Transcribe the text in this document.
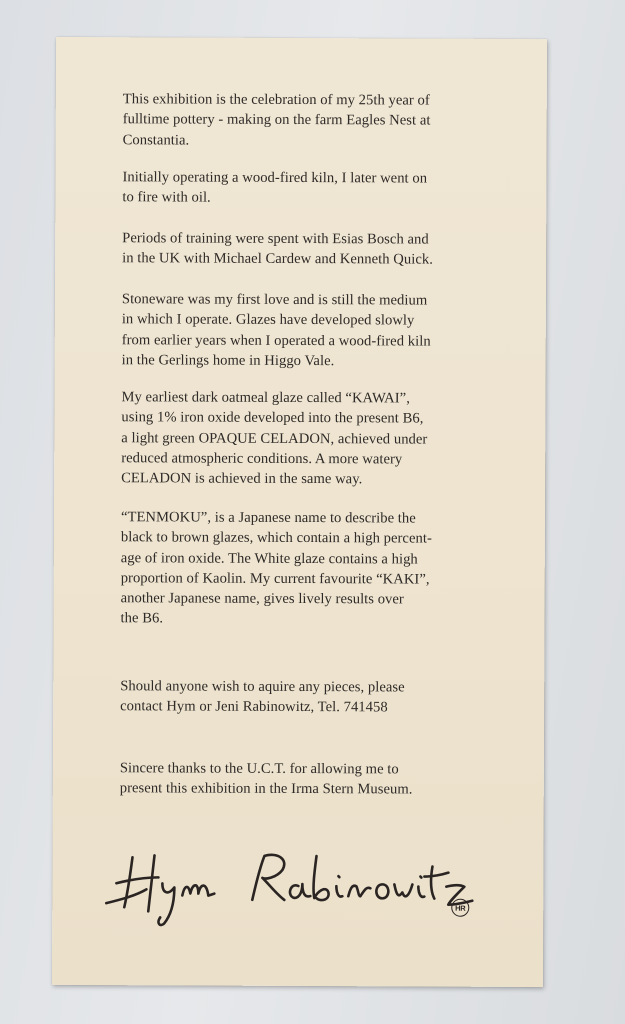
This exhibition is the celebration of my 25th year of
fulltime pottery - making on the farm Eagles Nest at
Constantia.

Initially operating a wood-fired kiln, I later went on
to fire with oil.

Periods of training were spent with Esias Bosch and
in the UK with Michael Cardew and Kenneth Quick.

Stoneware was my first love and is still the medium
in which I operate. Glazes have developed slowly
from earlier years when I operated a wood-fired kiln
in the Gerlings home in Higgo Vale.

My earliest dark oatmeal glaze called “KAWAI”,
using 1% iron oxide developed into the present B6,
a light green OPAQUE CELADON, achieved under
reduced atmospheric conditions. A more watery
CELADON is achieved in the same way.

“TENMOKU”, is a Japanese name to describe the
black to brown glazes, which contain a high percent-
age of iron oxide. The White glaze contains a high
proportion of Kaolin. My current favourite “KAKI”,
another Japanese name, gives lively results over
the B6.

Should anyone wish to aquire any pieces, please
contact Hym or Jeni Rabinowitz, Tel. 741458

Sincere thanks to the U.C.T. for allowing me to
present this exhibition in the Irma Stern Museum.

HR
